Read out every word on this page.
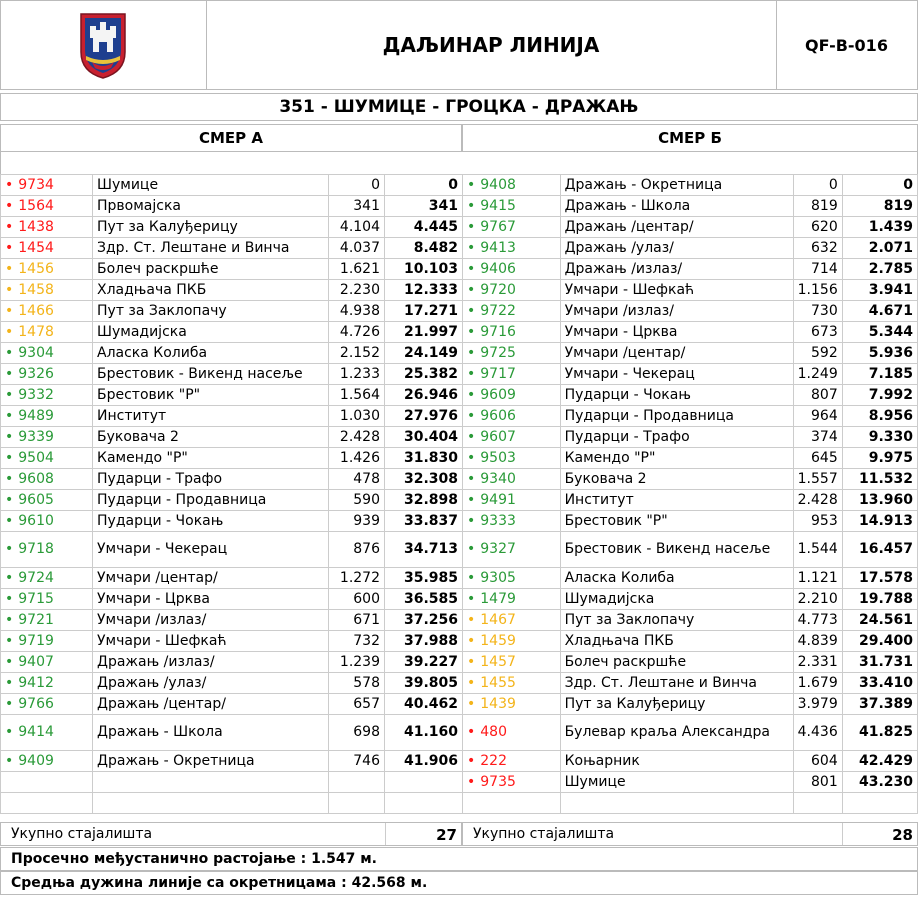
ДАЉИНАР ЛИНИЈА	QF-B-016
351 - ШУМИЦЕ - ГРОЦКА - ДРАЖАЊ
СМЕР А	СМЕР Б
• 9734	Шумице	0	0
• 1564	Првомајска	341	341
• 1438	Пут за Калуђерицу	4.104	4.445
• 1454	Здр. Ст. Лештане и Винча	4.037	8.482
• 1456	Болеч раскршће	1.621	10.103
• 1458	Хладњача ПКБ	2.230	12.333
• 1466	Пут за Заклопачу	4.938	17.271
• 1478	Шумадијска	4.726	21.997
• 9304	Аласка Колиба	2.152	24.149
• 9326	Брестовик - Викенд насеље	1.233	25.382
• 9332	Брестовик "Р"	1.564	26.946
• 9489	Институт	1.030	27.976
• 9339	Буковача 2	2.428	30.404
• 9504	Камендо "Р"	1.426	31.830
• 9608	Пударци - Трафо	478	32.308
• 9605	Пударци - Продавница	590	32.898
• 9610	Пударци - Чокањ	939	33.837
• 9718	Умчари - Чекерац	876	34.713
• 9724	Умчари /центар/	1.272	35.985
• 9715	Умчари - Црква	600	36.585
• 9721	Умчари /излаз/	671	37.256
• 9719	Умчари - Шефкаћ	732	37.988
• 9407	Дражањ /излаз/	1.239	39.227
• 9412	Дражањ /улаз/	578	39.805
• 9766	Дражањ /центар/	657	40.462
• 9414	Дражањ - Школа	698	41.160
• 9409	Дражањ - Окретница	746	41.906

• 9408	Дражањ - Окретница	0	0
• 9415	Дражањ - Школа	819	819
• 9767	Дражањ /центар/	620	1.439
• 9413	Дражањ /улаз/	632	2.071
• 9406	Дражањ /излаз/	714	2.785
• 9720	Умчари - Шефкаћ	1.156	3.941
• 9722	Умчари /излаз/	730	4.671
• 9716	Умчари - Црква	673	5.344
• 9725	Умчари /центар/	592	5.936
• 9717	Умчари - Чекерац	1.249	7.185
• 9609	Пударци - Чокањ	807	7.992
• 9606	Пударци - Продавница	964	8.956
• 9607	Пударци - Трафо	374	9.330
• 9503	Камендо "Р"	645	9.975
• 9340	Буковача 2	1.557	11.532
• 9491	Институт	2.428	13.960
• 9333	Брестовик "Р"	953	14.913
• 9327	Брестовик - Викенд насеље	1.544	16.457
• 9305	Аласка Колиба	1.121	17.578
• 1479	Шумадијска	2.210	19.788
• 1467	Пут за Заклопачу	4.773	24.561
• 1459	Хладњача ПКБ	4.839	29.400
• 1457	Болеч раскршће	2.331	31.731
• 1455	Здр. Ст. Лештане и Винча	1.679	33.410
• 1439	Пут за Калуђерицу	3.979	37.389
• 480	Булевар краља Александра	4.436	41.825
• 222	Коњарник	604	42.429
• 9735	Шумице	801	43.230

Укупно стајалишта	27 Укупно стајалишта	28
Просечно међустанично растојање : 1.547 м.
Средња дужина линије са окретницама : 42.568 м.
